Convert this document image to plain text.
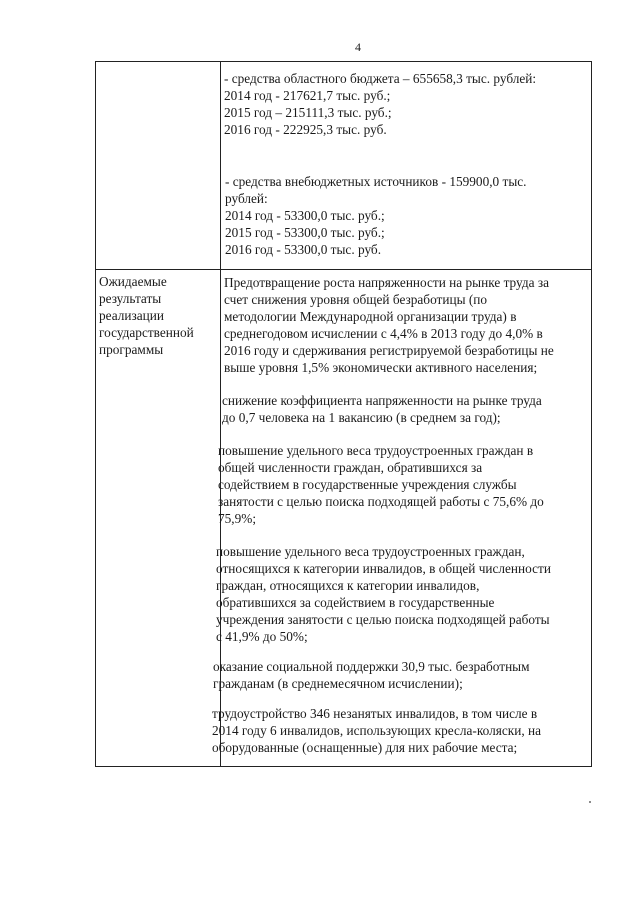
4
- средства областного бюджета – 655658,3 тыс. рублей:
2014 год - 217621,7 тыс. руб.;
2015 год – 215111,3 тыс. руб.;
2016 год - 222925,3 тыс. руб.
- средства внебюджетных источников - 159900,0 тыс.
рублей:
2014 год - 53300,0 тыс. руб.;
2015 год - 53300,0 тыс. руб.;
2016 год - 53300,0 тыс. руб.
Ожидаемые
результаты
реализации
государственной
программы
Предотвращение роста напряженности на рынке труда за
счет снижения уровня общей безработицы (по
методологии Международной организации труда) в
среднегодовом исчислении с 4,4% в 2013 году до 4,0% в
2016 году и сдерживания регистрируемой безработицы не
выше уровня 1,5% экономически активного населения;
снижение коэффициента напряженности на рынке труда
до 0,7 человека на 1 вакансию (в среднем за год);
повышение удельного веса трудоустроенных граждан в
общей численности граждан, обратившихся за
содействием в государственные учреждения службы
занятости с целью поиска подходящей работы с 75,6% до
75,9%;
повышение удельного веса трудоустроенных граждан,
относящихся к категории инвалидов, в общей численности
граждан, относящихся к категории инвалидов,
обратившихся за содействием в государственные
учреждения занятости с целью поиска подходящей работы
с 41,9% до 50%;
оказание социальной поддержки 30,9 тыс. безработным
гражданам (в среднемесячном исчислении);
трудоустройство 346 незанятых инвалидов, в том числе в
2014 году 6 инвалидов, использующих кресла-коляски, на
оборудованные (оснащенные) для них рабочие места;
